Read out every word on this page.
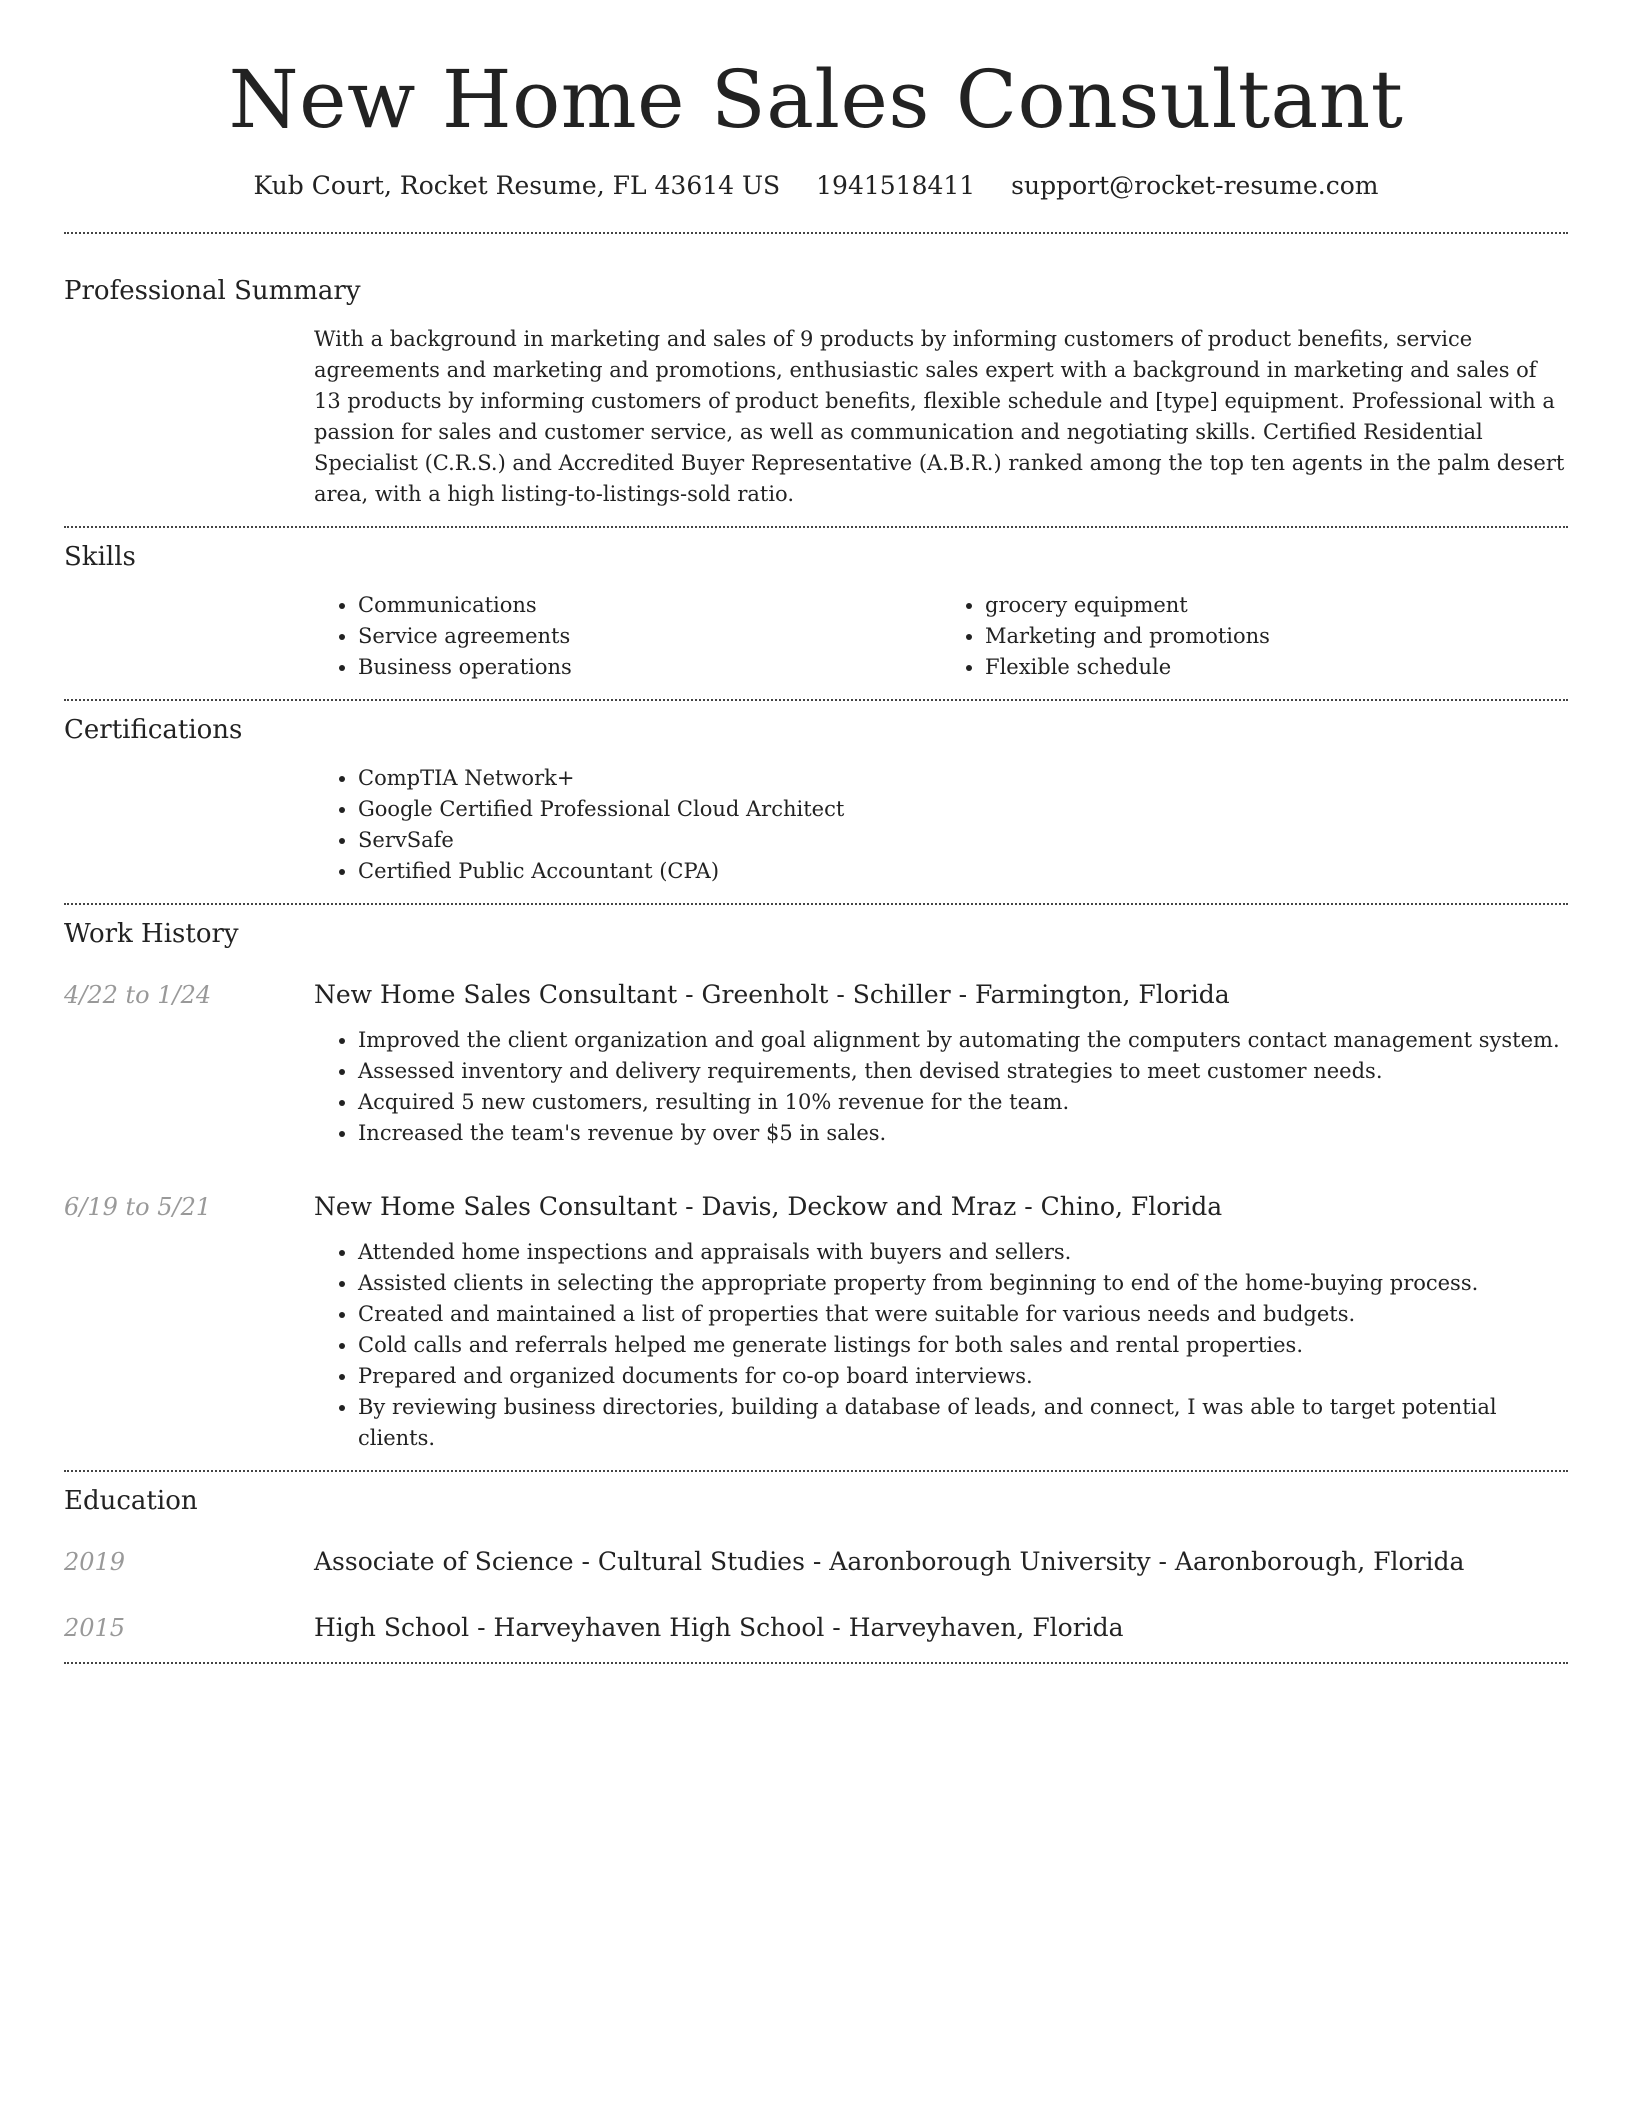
New Home Sales Consultant
Kub Court, Rocket Resume, FL 43614 US 1941518411 support@rocket-resume.com
Professional Summary
With a background in marketing and sales of 9 products by informing customers of product benefits, service agreements and marketing and promotions, enthusiastic sales expert with a background in marketing and sales of 13 products by informing customers of product benefits, flexible schedule and [type] equipment. Professional with a passion for sales and customer service, as well as communication and negotiating skills. Certified Residential Specialist (C.R.S.) and Accredited Buyer Representative (A.B.R.) ranked among the top ten agents in the palm desert area, with a high listing-to-listings-sold ratio.
Skills
• Communications
• Service agreements
• Business operations
• grocery equipment
• Marketing and promotions
• Flexible schedule
Certifications
• CompTIA Network+
• Google Certified Professional Cloud Architect
• ServSafe
• Certified Public Accountant (CPA)
Work History
4/22 to 1/24	New Home Sales Consultant - Greenholt - Schiller - Farmington, Florida
• Improved the client organization and goal alignment by automating the computers contact management system.
• Assessed inventory and delivery requirements, then devised strategies to meet customer needs.
• Acquired 5 new customers, resulting in 10% revenue for the team.
• Increased the team's revenue by over $5 in sales.
6/19 to 5/21	New Home Sales Consultant - Davis, Deckow and Mraz - Chino, Florida
• Attended home inspections and appraisals with buyers and sellers.
• Assisted clients in selecting the appropriate property from beginning to end of the home-buying process.
• Created and maintained a list of properties that were suitable for various needs and budgets.
• Cold calls and referrals helped me generate listings for both sales and rental properties.
• Prepared and organized documents for co-op board interviews.
• By reviewing business directories, building a database of leads, and connect, I was able to target potential clients.
Education
2019	Associate of Science - Cultural Studies - Aaronborough University - Aaronborough, Florida
2015	High School - Harveyhaven High School - Harveyhaven, Florida
